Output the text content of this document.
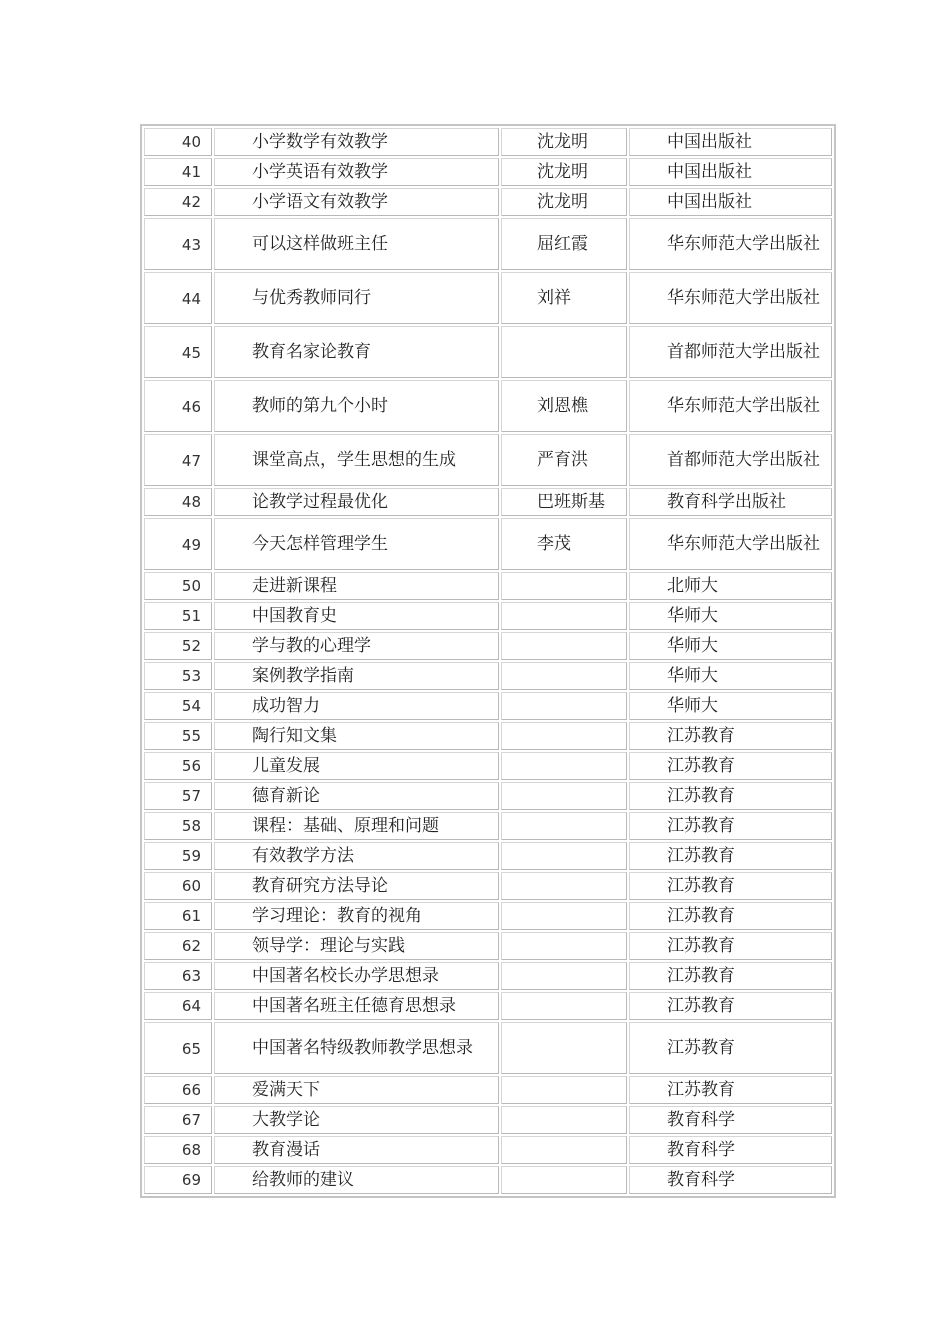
40	小学数学有效教学	沈龙明	中国出版社
41	小学英语有效教学	沈龙明	中国出版社
42	小学语文有效教学	沈龙明	中国出版社
43	可以这样做班主任	屈红霞	华东师范大学出版社
44	与优秀教师同行	刘祥	华东师范大学出版社
45	教育名家论教育		首都师范大学出版社
46	教师的第九个小时	刘恩樵	华东师范大学出版社
47	课堂高点，学生思想的生成	严育洪	首都师范大学出版社
48	论教学过程最优化	巴班斯基	教育科学出版社
49	今天怎样管理学生	李茂	华东师范大学出版社
50	走进新课程		北师大
51	中国教育史		华师大
52	学与教的心理学		华师大
53	案例教学指南		华师大
54	成功智力		华师大
55	陶行知文集		江苏教育
56	儿童发展		江苏教育
57	德育新论		江苏教育
58	课程：基础、原理和问题		江苏教育
59	有效教学方法		江苏教育
60	教育研究方法导论		江苏教育
61	学习理论：教育的视角		江苏教育
62	领导学：理论与实践		江苏教育
63	中国著名校长办学思想录		江苏教育
64	中国著名班主任德育思想录		江苏教育
65	中国著名特级教师教学思想录		江苏教育
66	爱满天下		江苏教育
67	大教学论		教育科学
68	教育漫话		教育科学
69	给教师的建议		教育科学
